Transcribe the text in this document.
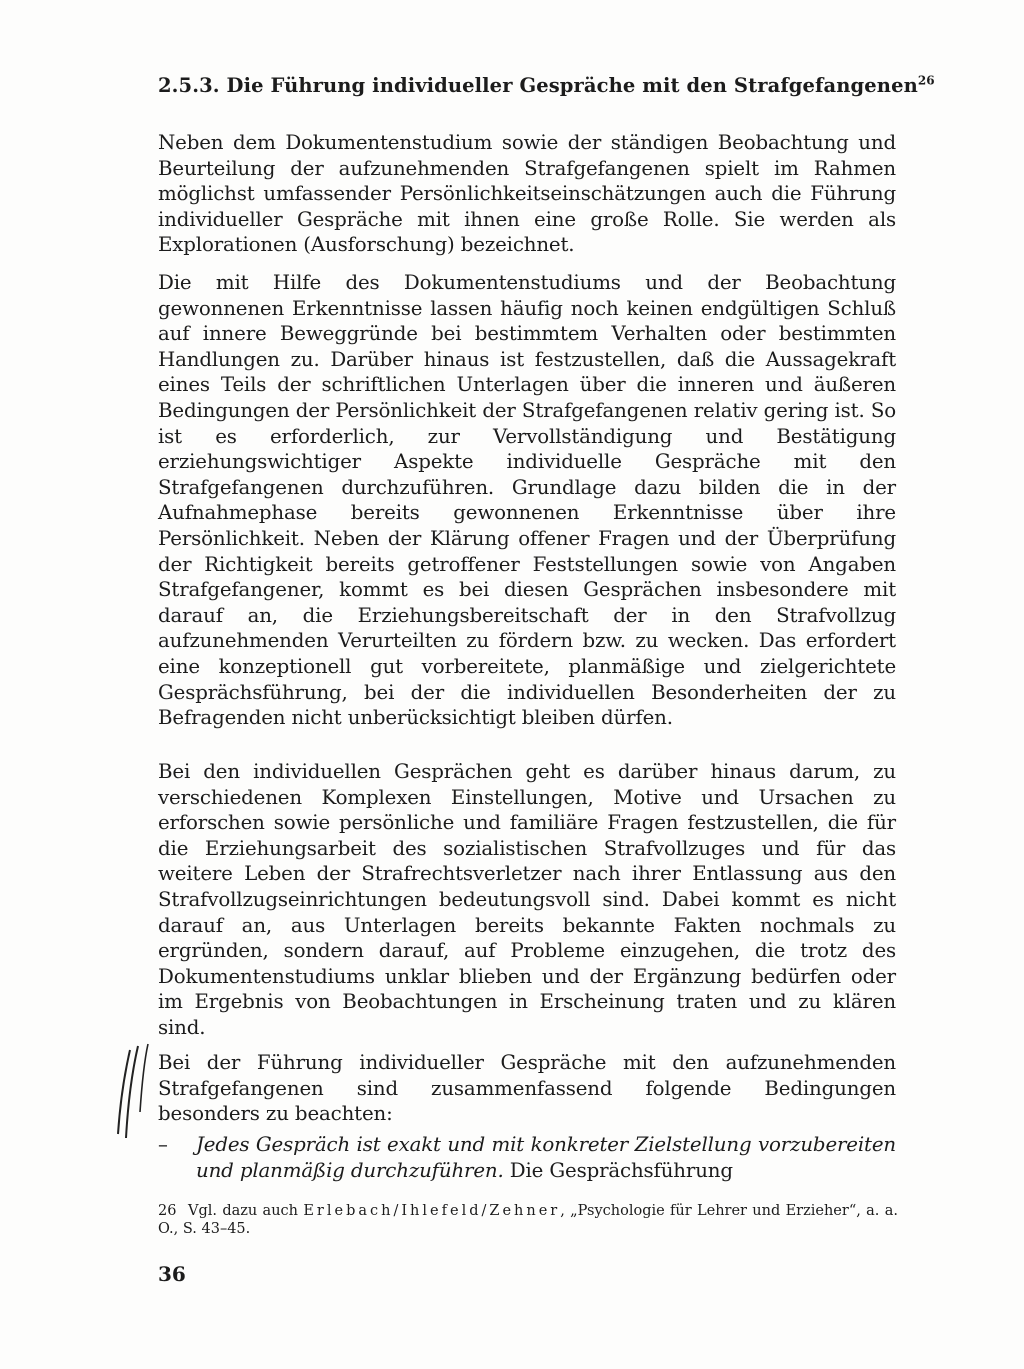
2.5.3. Die Führung individueller Gespräche mit den Strafgefangenen$^{26}$

Neben dem Dokumentenstudium sowie der ständigen Beobachtung und Beurteilung der aufzunehmenden Strafgefangenen spielt im Rahmen möglichst umfassender Persönlichkeitseinschätzungen auch die Führung individueller Gespräche mit ihnen eine große Rolle. Sie werden als Explorationen (Ausforschung) bezeichnet.

Die mit Hilfe des Dokumentenstudiums und der Beobachtung gewonnenen Erkenntnisse lassen häufig noch keinen endgültigen Schluß auf innere Beweggründe bei bestimmtem Verhalten oder bestimmten Handlungen zu. Darüber hinaus ist festzustellen, daß die Aussagekraft eines Teils der schriftlichen Unterlagen über die inneren und äußeren Bedingungen der Persönlichkeit der Strafgefangenen relativ gering ist. So ist es erforderlich, zur Vervollständigung und Bestätigung erziehungswichtiger Aspekte individuelle Gespräche mit den Strafgefangenen durchzuführen. Grundlage dazu bilden die in der Aufnahmephase bereits gewonnenen Erkenntnisse über ihre Persönlichkeit. Neben der Klärung offener Fragen und der Überprüfung der Richtigkeit bereits getroffener Feststellungen sowie von Angaben Strafgefangener, kommt es bei diesen Gesprächen insbesondere mit darauf an, die Erziehungsbereitschaft der in den Strafvollzug aufzunehmenden Verurteilten zu fördern bzw. zu wecken. Das erfordert eine konzeptionell gut vorbereitete, planmäßige und zielgerichtete Gesprächsführung, bei der die individuellen Besonderheiten der zu Befragenden nicht unberücksichtigt bleiben dürfen.

Bei den individuellen Gesprächen geht es darüber hinaus darum, zu verschiedenen Komplexen Einstellungen, Motive und Ursachen zu erforschen sowie persönliche und familiäre Fragen festzustellen, die für die Erziehungsarbeit des sozialistischen Strafvollzuges und für das weitere Leben der Strafrechtsverletzer nach ihrer Entlassung aus den Strafvollzugseinrichtungen bedeutungsvoll sind. Dabei kommt es nicht darauf an, aus Unterlagen bereits bekannte Fakten nochmals zu ergründen, sondern darauf, auf Probleme einzugehen, die trotz des Dokumentenstudiums unklar blieben und der Ergänzung bedürfen oder im Ergebnis von Beobachtungen in Erscheinung traten und zu klären sind.

Bei der Führung individueller Gespräche mit den aufzunehmenden Strafgefangenen sind zusammenfassend folgende Bedingungen besonders zu beachten:

–	Jedes Gespräch ist exakt und mit konkreter Zielstellung vorzubereiten und planmäßig durchzuführen. Die Gesprächsführung
26 Vgl. dazu auch Erlebach/Ihlefeld/Zehner, „Psychologie für Lehrer und Erzieher“, a. a. O., S. 43–45.
36
